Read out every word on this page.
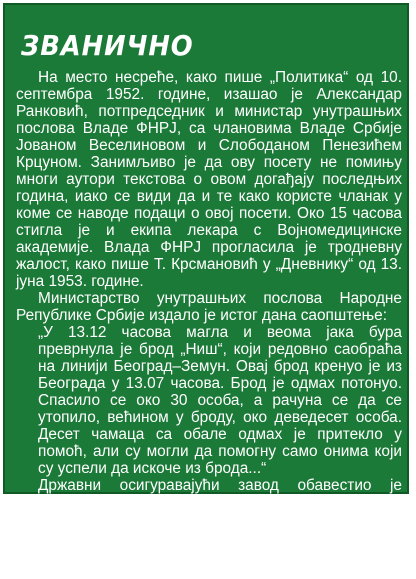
ЗВАНИЧНО

На место несреће, како пише „Политика“ од 10. септембра 1952. године, изашао је Александар Ранковић, потпредседник и министар унутрашњих послова Владе ФНРЈ, са члановима Владе Србије Јованом Веселиновом и Слободаном Пенезићем Крцуном. Занимљиво је да ову посету не помињу многи аутори текстова о овом догађају последњих година, иако се види да и те како користе чланак у коме се наводе подаци о овој посети. Око 15 часова стигла је и екипа лекара с Војномедицинске академије. Влада ФНРЈ прогласила је тродневну жалост, како пише Т. Крсмановић у „Дневнику“ од 13. јуна 1953. године.

Министарство унутрашњих послова Народне Републике Србије издало је истог дана саопштење:

„У 13.12 часова магла и веома јака бура преврнула је брод „Ниш“, који редовно саобраћа на линији Београд–Земун. Овај брод кренуо је из Београда у 13.07 часова. Брод је одмах потонуо. Спасило се око 30 особа, а рачуна се да се утопило, већином у броду, око деведесет особа. Десет чамаца са обале одмах је притекло у помоћ, али су могли да помогну само онима који су успели да искоче из брода...“

Државни осигуравајући завод обавестио је породице жртава да су сви путници били осигурани и да ће за сваког настрадалог бити исплаћена одштета од 50.000 динара. Није ли због тога Комисија закључила да је до несреће дошло услед „више силе“? ■
